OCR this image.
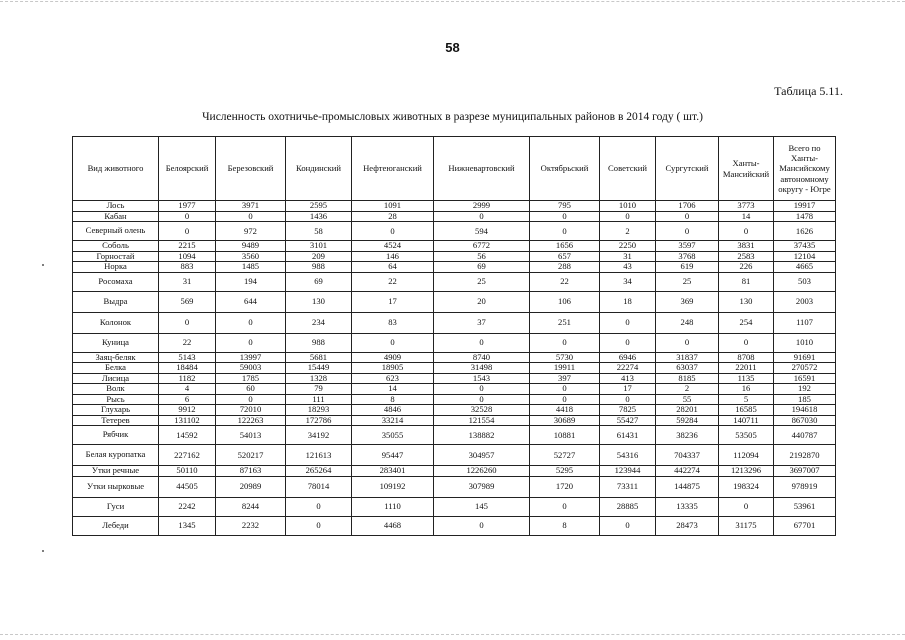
58
Таблица 5.11.
Численность охотничье-промысловых животных в разрезе муниципальных районов в 2014 году ( шт.)
Вид животного	Белоярский	Березовский	Кондинский	Нефтеюганский	Нижневартовский	Октябрьский	Советский	Сургутский	Ханты-Мансийский	Всего по Ханты-Мансийскому автономному округу - Югре
Лось	1977	3971	2595	1091	2999	795	1010	1706	3773	19917
Кабан	0	0	1436	28	0	0	0	0	14	1478
Северный олень	0	972	58	0	594	0	2	0	0	1626
Соболь	2215	9489	3101	4524	6772	1656	2250	3597	3831	37435
Горностай	1094	3560	209	146	56	657	31	3768	2583	12104
Норка	883	1485	988	64	69	288	43	619	226	4665
Росомаха	31	194	69	22	25	22	34	25	81	503
Выдра	569	644	130	17	20	106	18	369	130	2003
Колонок	0	0	234	83	37	251	0	248	254	1107
Куница	22	0	988	0	0	0	0	0	0	1010
Заяц-беляк	5143	13997	5681	4909	8740	5730	6946	31837	8708	91691
Белка	18484	59003	15449	18905	31498	19911	22274	63037	22011	270572
Лисица	1182	1785	1328	623	1543	397	413	8185	1135	16591
Волк	4	60	79	14	0	0	17	2	16	192
Рысь	6	0	111	8	0	0	0	55	5	185
Глухарь	9912	72010	18293	4846	32528	4418	7825	28201	16585	194618
Тетерев	131102	122263	172786	33214	121554	30689	55427	59284	140711	867030
Рябчик	14592	54013	34192	35055	138882	10881	61431	38236	53505	440787
Белая куропатка	227162	520217	121613	95447	304957	52727	54316	704337	112094	2192870
Утки речные	50110	87163	265264	283401	1226260	5295	123944	442274	1213296	3697007
Утки нырковые	44505	20989	78014	109192	307989	1720	73311	144875	198324	978919
Гуси	2242	8244	0	1110	145	0	28885	13335	0	53961
Лебеди	1345	2232	0	4468	0	8	0	28473	31175	67701
